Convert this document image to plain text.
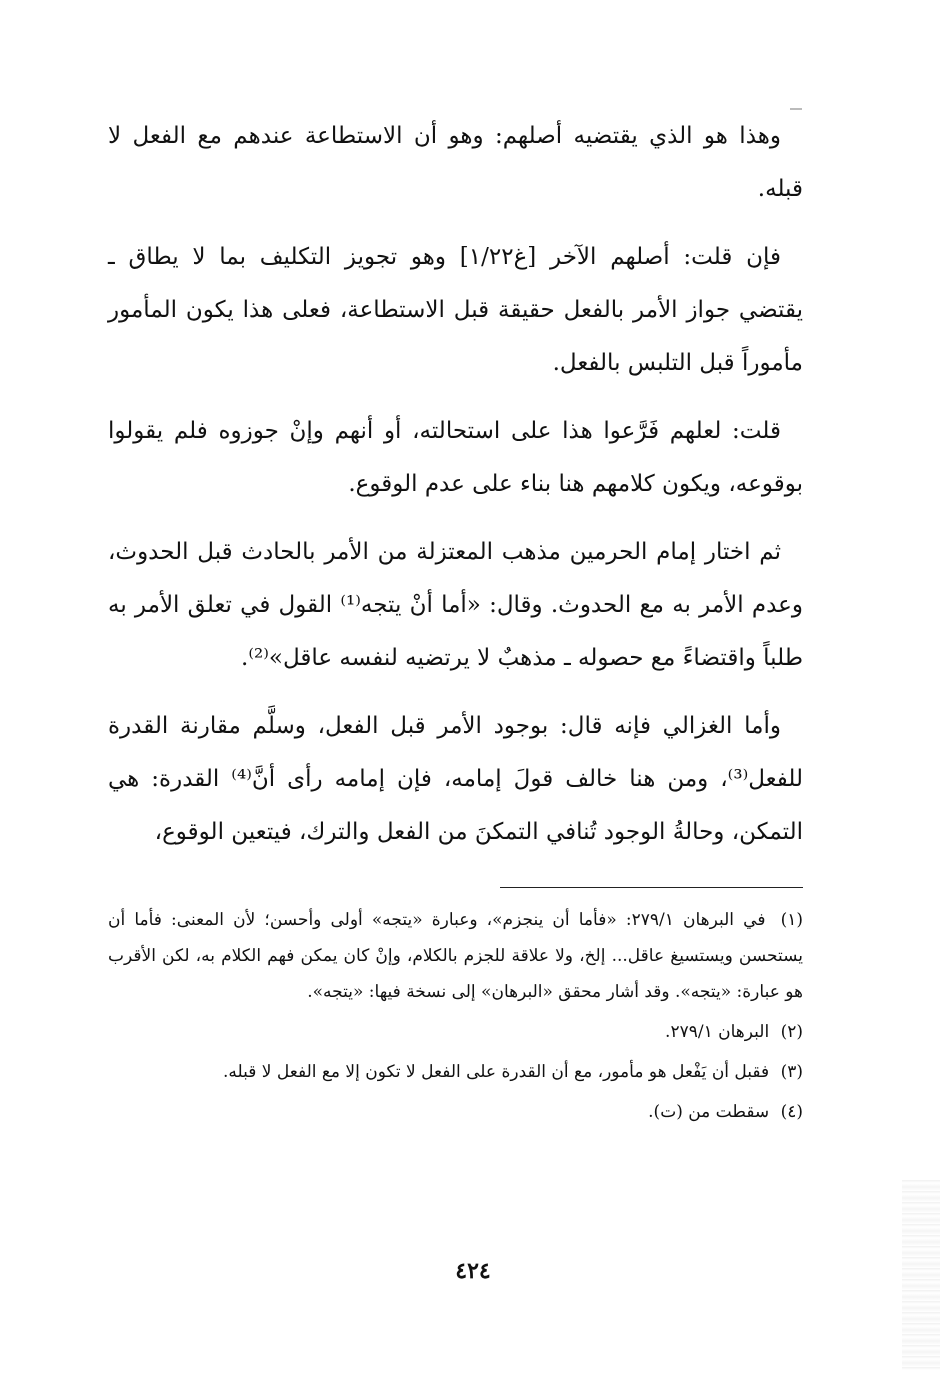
وهذا هو الذي يقتضيه أصلهم: وهو أن الاستطاعة عندهم مع الفعل لا قبله.

فإن قلت: أصلهم الآخر [غ١/٢٢] وهو تجويز التكليف بما لا يطاق ـ يقتضي جواز الأمر بالفعل حقيقة قبل الاستطاعة، فعلى هذا يكون المأمور مأموراً قبل التلبس بالفعل.

قلت: لعلهم فَرَّعوا هذا على استحالته، أو أنهم وإنْ جوزوه فلم يقولوا بوقوعه، ويكون كلامهم هنا بناء على عدم الوقوع.

ثم اختار إمام الحرمين مذهب المعتزلة من الأمر بالحادث قبل الحدوث، وعدم الأمر به مع الحدوث. وقال: «أما أنْ يتجه⁽¹⁾ القول في تعلق الأمر به طلباً واقتضاءً مع حصوله ـ مذهبٌ لا يرتضيه لنفسه عاقل»⁽²⁾.

وأما الغزالي فإنه قال: بوجود الأمر قبل الفعل، وسلَّم مقارنة القدرة للفعل⁽³⁾، ومن هنا خالف قولَ إمامه، فإن إمامه رأى أنَّ⁽⁴⁾ القدرة: هي التمكن، وحالةُ الوجود تُنافي التمكنَ من الفعل والترك، فيتعين الوقوع،

(١) في البرهان ٢٧٩/١: «فأما أن ينجزم»، وعبارة «يتجه» أولى وأحسن؛ لأن المعنى: فأما أن يستحسن ويستسيغ عاقل... إلخ، ولا علاقة للجزم بالكلام، وإنْ كان يمكن فهم الكلام به، لكن الأقرب هو عبارة: «يتجه». وقد أشار محقق «البرهان» إلى نسخة فيها: «يتجه».
(٢) البرهان ٢٧٩/١.
(٣) فقبل أن يَفْعل هو مأمور، مع أن القدرة على الفعل لا تكون إلا مع الفعل لا قبله.
(٤) سقطت من (ت).
٤٢٤
